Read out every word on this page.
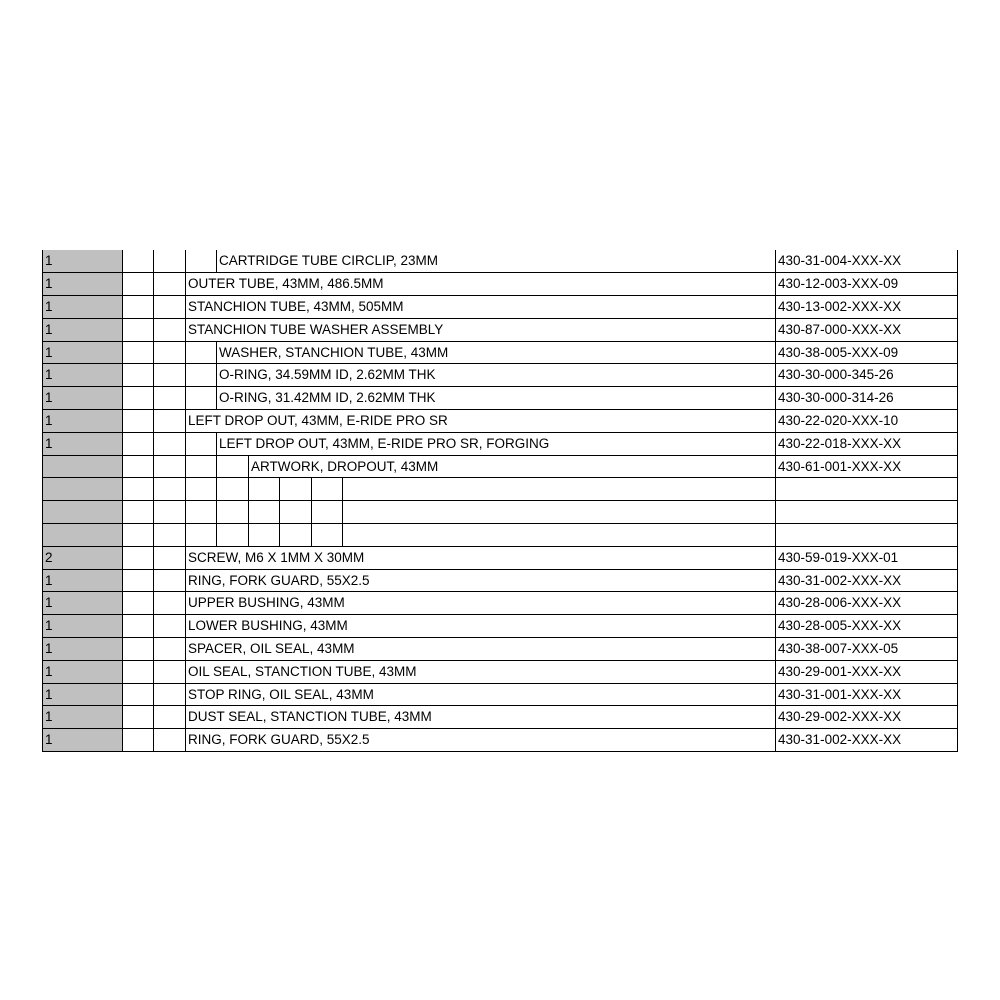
1				CARTRIDGE TUBE CIRCLIP, 23MM					430-31-004-XXX-XX
1			OUTER TUBE, 43MM, 486.5MM						430-12-003-XXX-09
1			STANCHION TUBE, 43MM, 505MM						430-13-002-XXX-XX
1			STANCHION TUBE WASHER ASSEMBLY						430-87-000-XXX-XX
1				WASHER, STANCHION TUBE, 43MM					430-38-005-XXX-09
1				O-RING, 34.59MM ID, 2.62MM THK					430-30-000-345-26
1				O-RING, 31.42MM ID, 2.62MM THK					430-30-000-314-26
1			LEFT DROP OUT, 43MM, E-RIDE PRO SR						430-22-020-XXX-10
1				LEFT DROP OUT, 43MM, E-RIDE PRO SR, FORGING					430-22-018-XXX-XX
					ARTWORK, DROPOUT, 43MM				430-61-001-XXX-XX

2			SCREW, M6 X 1MM X 30MM						430-59-019-XXX-01
1			RING, FORK GUARD, 55X2.5						430-31-002-XXX-XX
1			UPPER BUSHING, 43MM						430-28-006-XXX-XX
1			LOWER BUSHING, 43MM						430-28-005-XXX-XX
1			SPACER, OIL SEAL, 43MM						430-38-007-XXX-05
1			OIL SEAL, STANCTION TUBE, 43MM						430-29-001-XXX-XX
1			STOP RING, OIL SEAL, 43MM						430-31-001-XXX-XX
1			DUST SEAL, STANCTION TUBE, 43MM						430-29-002-XXX-XX
1			RING, FORK GUARD, 55X2.5						430-31-002-XXX-XX
